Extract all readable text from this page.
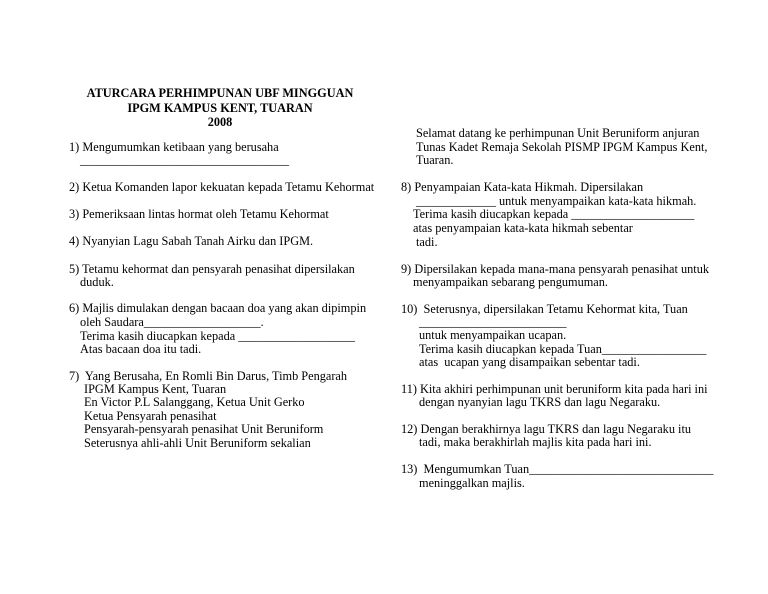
ATURCARA PERHIMPUNAN UBF MINGGUAN
IPGM KAMPUS KENT, TUARAN
2008
1) Mengumumkan ketibaan yang berusaha
__________________________________
2) Ketua Komanden lapor kekuatan kepada Tetamu Kehormat
3) Pemeriksaan lintas hormat oleh Tetamu Kehormat
4) Nyanyian Lagu Sabah Tanah Airku dan IPGM.
5) Tetamu kehormat dan pensyarah penasihat dipersilakan
duduk.
6) Majlis dimulakan dengan bacaan doa yang akan dipimpin
oleh Saudara___________________.
Terima kasih diucapkan kepada ___________________
Atas bacaan doa itu tadi.
7)  Yang Berusaha, En Romli Bin Darus, Timb Pengarah
IPGM Kampus Kent, Tuaran
En Victor P.L Salanggang, Ketua Unit Gerko
Ketua Pensyarah penasihat
Pensyarah-pensyarah penasihat Unit Beruniform
Seterusnya ahli-ahli Unit Beruniform sekalian
Selamat datang ke perhimpunan Unit Beruniform anjuran
Tunas Kadet Remaja Sekolah PISMP IPGM Kampus Kent,
Tuaran.
8) Penyampaian Kata-kata Hikmah. Dipersilakan
_____________ untuk menyampaikan kata-kata hikmah.
Terima kasih diucapkan kepada ____________________
atas penyampaian kata-kata hikmah sebentar
tadi.
9) Dipersilakan kepada mana-mana pensyarah penasihat untuk
menyampaikan sebarang pengumuman.
10)  Seterusnya, dipersilakan Tetamu Kehormat kita, Tuan
________________________
untuk menyampaikan ucapan.
Terima kasih diucapkan kepada Tuan_________________
atas  ucapan yang disampaikan sebentar tadi.
11) Kita akhiri perhimpunan unit beruniform kita pada hari ini
dengan nyanyian lagu TKRS dan lagu Negaraku.
12) Dengan berakhirnya lagu TKRS dan lagu Negaraku itu
tadi, maka berakhirlah majlis kita pada hari ini.
13)  Mengumumkan Tuan______________________________
meninggalkan majlis.
